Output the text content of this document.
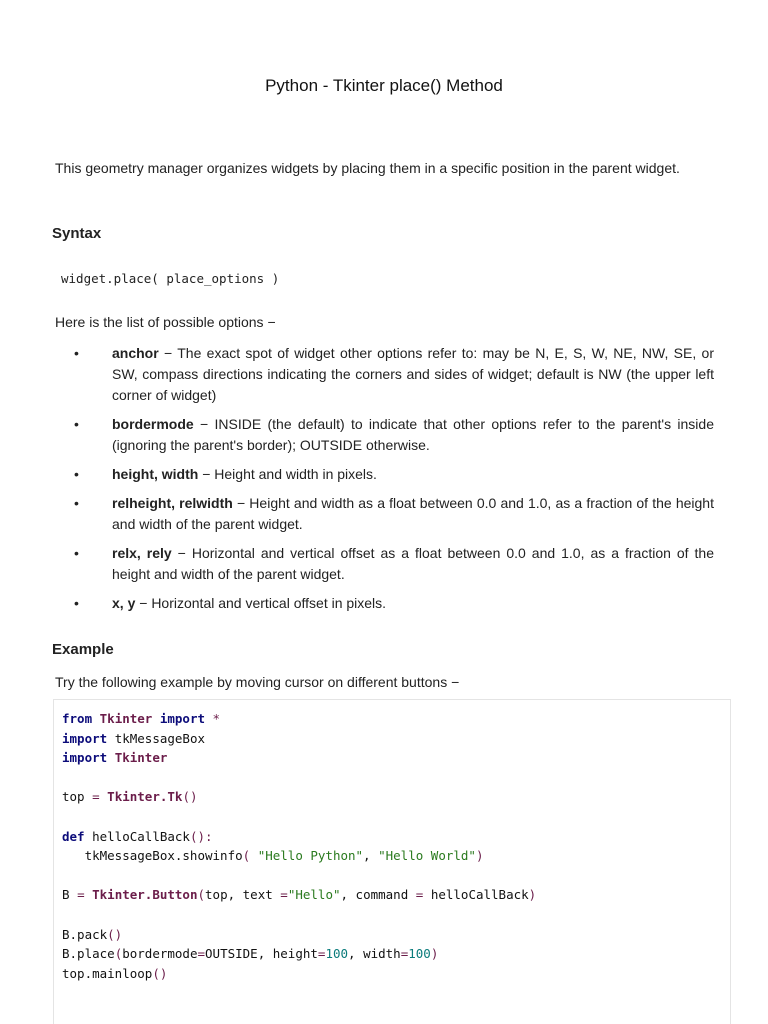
Python - Tkinter place() Method

This geometry manager organizes widgets by placing them in a specific position in the parent widget.

Syntax
widget.place( place_options )

Here is the list of possible options −

• anchor − The exact spot of widget other options refer to: may be N, E, S, W, NE, NW, SE, or SW, compass directions indicating the corners and sides of widget; default is NW (the upper left corner of widget)
• bordermode − INSIDE (the default) to indicate that other options refer to the parent's inside (ignoring the parent's border); OUTSIDE otherwise.
• height, width − Height and width in pixels.
• relheight, relwidth − Height and width as a float between 0.0 and 1.0, as a fraction of the height and width of the parent widget.
• relx, rely − Horizontal and vertical offset as a float between 0.0 and 1.0, as a fraction of the height and width of the parent widget.
• x, y − Horizontal and vertical offset in pixels.
Example

Try the following example by moving cursor on different buttons −

from Tkinter import *
import tkMessageBox
import Tkinter

top = Tkinter.Tk()

def helloCallBack():
tkMessageBox.showinfo( "Hello Python", "Hello World")

B = Tkinter.Button(top, text ="Hello", command = helloCallBack)

B.pack()
B.place(bordermode=OUTSIDE, height=100, width=100)
top.mainloop()
